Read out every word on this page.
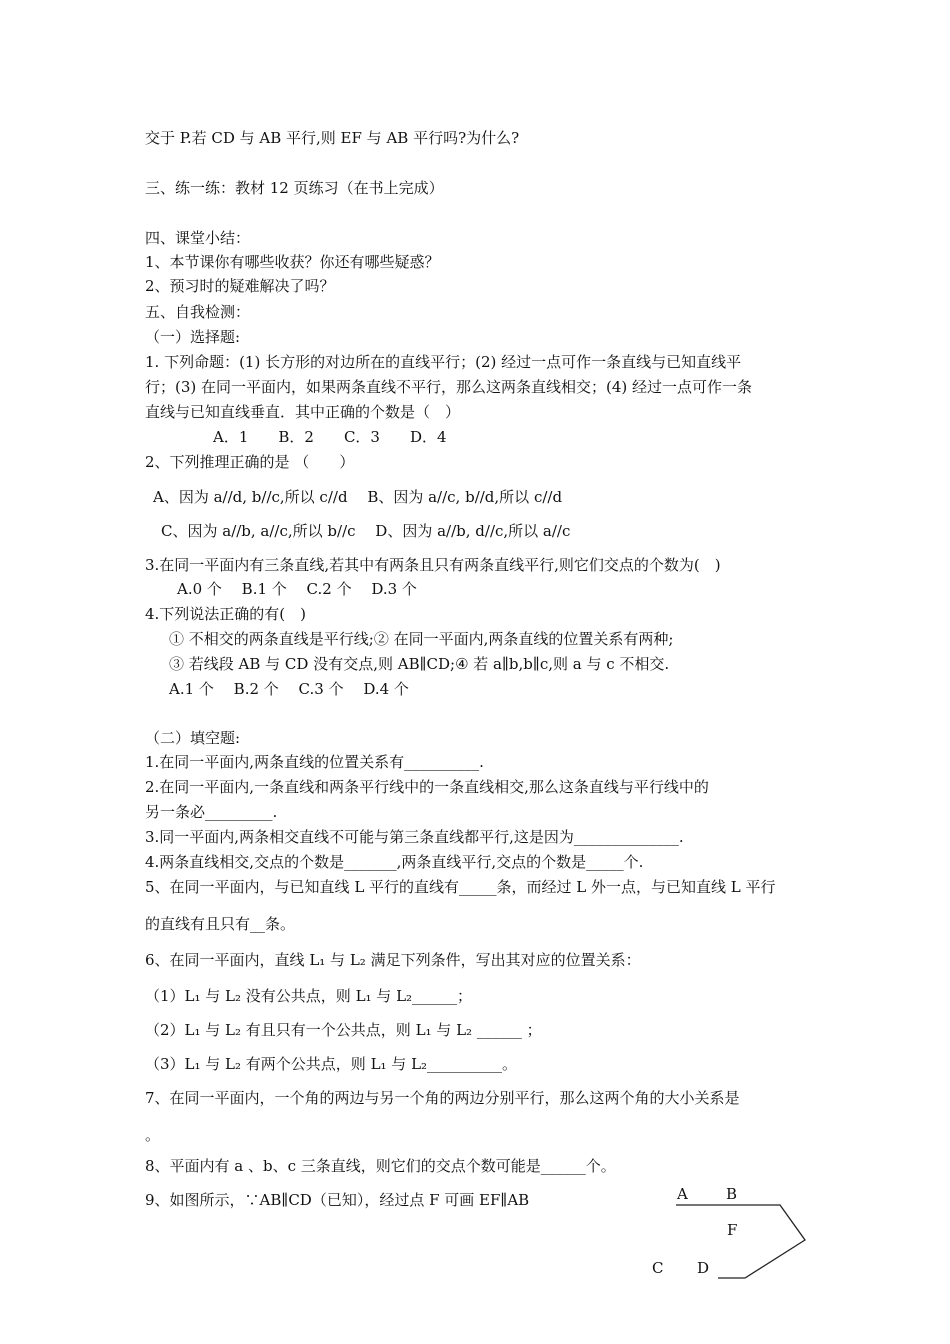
交于 P.若 CD 与 AB 平行,则 EF 与 AB 平行吗?为什么?
三、练一练：教材 12 页练习（在书上完成）
四、课堂小结：
1、本节课你有哪些收获？你还有哪些疑惑？
2、预习时的疑难解决了吗？
五、自我检测：
（一）选择题:
1. 下列命题：(1) 长方形的对边所在的直线平行；(2) 经过一点可作一条直线与已知直线平
行；(3) 在同一平面内，如果两条直线不平行，那么这两条直线相交；(4) 经过一点可作一条
直线与已知直线垂直．其中正确的个数是（　）
A．1　　B．2　　C．3　　D．4
2、下列推理正确的是 （　　）
A、因为 a//d, b//c,所以 c//d　 B、因为 a//c, b//d,所以 c//d
C、因为 a//b, a//c,所以 b//c　 D、因为 a//b, d//c,所以 a//c
3.在同一平面内有三条直线,若其中有两条且只有两条直线平行,则它们交点的个数为(　)
A.0 个　 B.1 个　 C.2 个　 D.3 个
4.下列说法正确的有(　)
① 不相交的两条直线是平行线;② 在同一平面内,两条直线的位置关系有两种;
③ 若线段 AB 与 CD 没有交点,则 AB∥CD;④ 若 a∥b,b∥c,则 a 与 c 不相交.
A.1 个　 B.2 个　 C.3 个　 D.4 个
（二）填空题:
1.在同一平面内,两条直线的位置关系有__________.
2.在同一平面内,一条直线和两条平行线中的一条直线相交,那么这条直线与平行线中的
另一条必_________.
3.同一平面内,两条相交直线不可能与第三条直线都平行,这是因为______________.
4.两条直线相交,交点的个数是_______,两条直线平行,交点的个数是_____个.
5、在同一平面内，与已知直线 L 平行的直线有_____条，而经过 L 外一点，与已知直线 L 平行
的直线有且只有__条。
6、在同一平面内，直线 L₁ 与 L₂ 满足下列条件，写出其对应的位置关系：
（1）L₁ 与 L₂ 没有公共点，则 L₁ 与 L₂______；
（2）L₁ 与 L₂ 有且只有一个公共点，则 L₁ 与 L₂ ______ ；
（3）L₁ 与 L₂ 有两个公共点，则 L₁ 与 L₂__________。
7、在同一平面内，一个角的两边与另一个角的两边分别平行，那么这两个角的大小关系是
。
8、平面内有 a 、b、c 三条直线，则它们的交点个数可能是______个。
9、如图所示，∵AB∥CD（已知），经过点 F 可画 EF∥AB	A	B
F
C D
